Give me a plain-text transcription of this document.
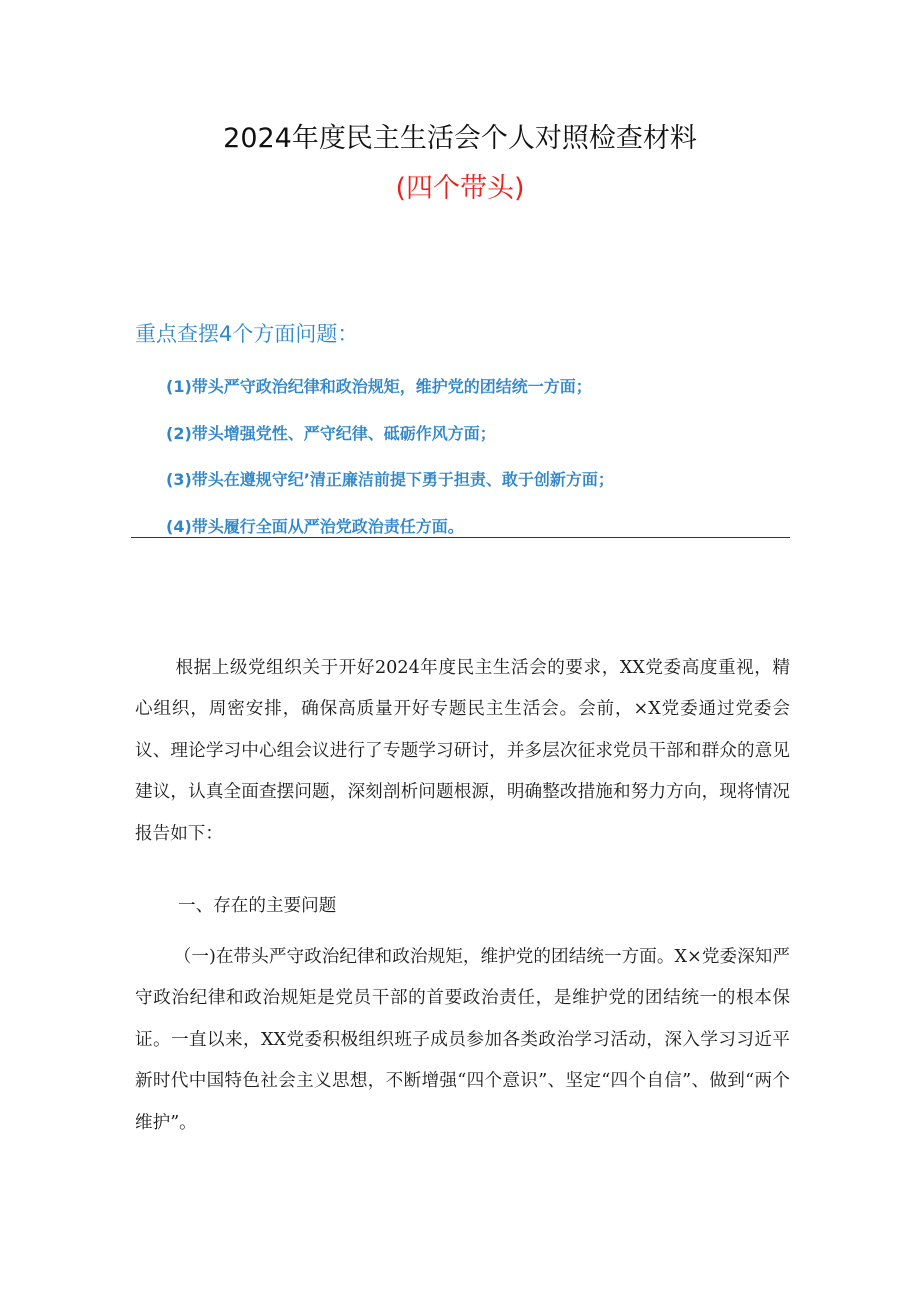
2024年度民主生活会个人对照检查材料
(四个带头)
重点查摆4个方面问题：
(1)带头严守政治纪律和政治规矩，维护党的团结统一方面；
(2)带头增强党性、严守纪律、砥砺作风方面；
(3)带头在遵规守纪’清正廉洁前提下勇于担责、敢于创新方面；
(4)带头履行全面从严治党政治责任方面。
根据上级党组织关于开好2024年度民主生活会的要求，XX党委高度重视，精心组织，周密安排，确保高质量开好专题民主生活会。会前，×X党委通过党委会议、理论学习中心组会议进行了专题学习研讨，并多层次征求党员干部和群众的意见建议，认真全面查摆问题，深刻剖析问题根源，明确整改措施和努力方向，现将情况报告如下：
一、存在的主要问题
（一)在带头严守政治纪律和政治规矩，维护党的团结统一方面。X×党委深知严守政治纪律和政治规矩是党员干部的首要政治责任，是维护党的团结统一的根本保证。一直以来，XX党委积极组织班子成员参加各类政治学习活动，深入学习习近平新时代中国特色社会主义思想，不断增强“四个意识”、坚定“四个自信”、做到“两个维护”。
